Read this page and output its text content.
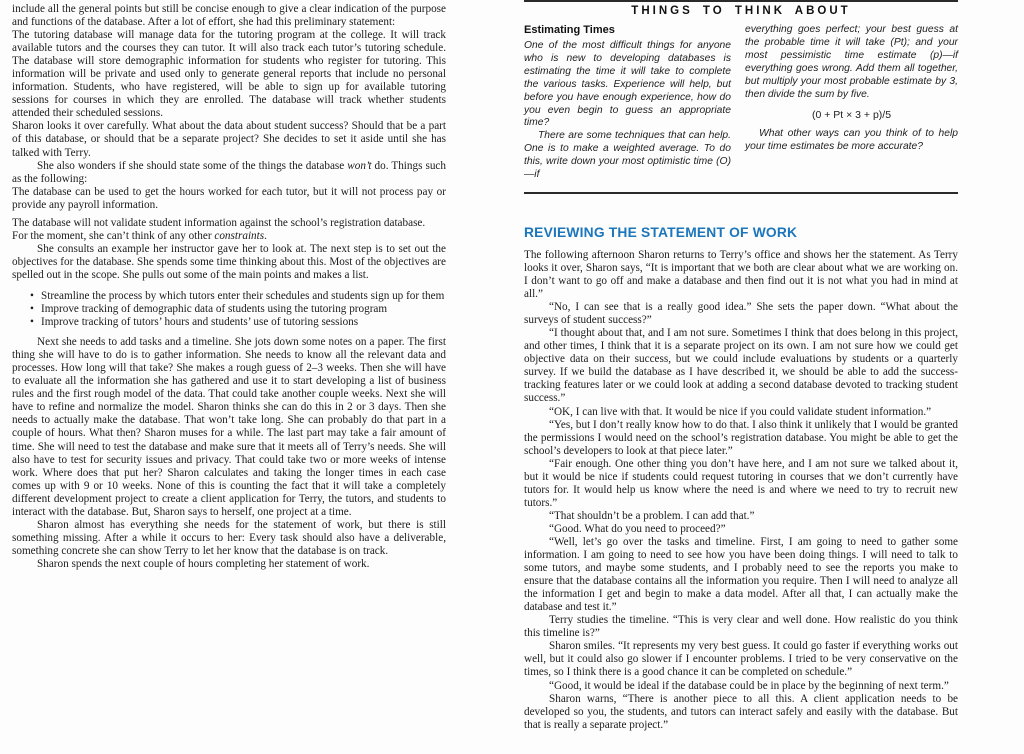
include all the general points but still be concise enough to give a clear indication of the purpose and functions of the database. After a lot of effort, she had this preliminary statement:

The tutoring database will manage data for the tutoring program at the college. It will track available tutors and the courses they can tutor. It will also track each tutor’s tutoring schedule. The database will store demographic information for students who register for tutoring. This information will be private and used only to generate general reports that include no personal information. Students, who have registered, will be able to sign up for available tutoring sessions for courses in which they are enrolled. The database will track whether students attended their scheduled sessions.

Sharon looks it over carefully. What about the data about student success? Should that be a part of this database, or should that be a separate project? She decides to set it aside until she has talked with Terry.

She also wonders if she should state some of the things the database won’t do. Things such as the following:

The database can be used to get the hours worked for each tutor, but it will not process pay or provide any payroll information.

The database will not validate student information against the school’s registration database.

For the moment, she can’t think of any other constraints.

She consults an example her instructor gave her to look at. The next step is to set out the objectives for the database. She spends some time thinking about this. Most of the objectives are spelled out in the scope. She pulls out some of the main points and makes a list.

• Streamline the process by which tutors enter their schedules and students sign up for them
• Improve tracking of demographic data of students using the tutoring program
• Improve tracking of tutors’ hours and students’ use of tutoring sessions

Next she needs to add tasks and a timeline. She jots down some notes on a paper. The first thing she will have to do is to gather information. She needs to know all the relevant data and processes. How long will that take? She makes a rough guess of 2–3 weeks. Then she will have to evaluate all the information she has gathered and use it to start developing a list of business rules and the first rough model of the data. That could take another couple weeks. Next she will have to refine and normalize the model. Sharon thinks she can do this in 2 or 3 days. Then she needs to actually make the database. That won’t take long. She can probably do that part in a couple of hours. What then? Sharon muses for a while. The last part may take a fair amount of time. She will need to test the database and make sure that it meets all of Terry’s needs. She will also have to test for security issues and privacy. That could take two or more weeks of intense work. Where does that put her? Sharon calculates and taking the longer times in each case comes up with 9 or 10 weeks. None of this is counting the fact that it will take a completely different development project to create a client application for Terry, the tutors, and students to interact with the database. But, Sharon says to herself, one project at a time.

Sharon almost has everything she needs for the statement of work, but there is still something missing. After a while it occurs to her: Every task should also have a deliverable, something concrete she can show Terry to let her know that the database is on track.

Sharon spends the next couple of hours completing her statement of work.

THINGS TO THINK ABOUT
Estimating Times

One of the most difficult things for anyone who is new to developing databases is estimating the time it will take to complete the various tasks. Experience will help, but before you have enough experience, how do you even begin to guess an appropriate time?

There are some techniques that can help. One is to make a weighted average. To do this, write down your most optimistic time (O)—if

everything goes perfect; your best guess at the probable time it will take (Pt); and your most pessimistic time estimate (p)—if everything goes wrong. Add them all together, but multiply your most probable estimate by 3, then divide the sum by five.

(0 + Pt × 3 + p)/5

What other ways can you think of to help your time estimates be more accurate?

REVIEWING THE STATEMENT OF WORK

The following afternoon Sharon returns to Terry’s office and shows her the statement. As Terry looks it over, Sharon says, “It is important that we both are clear about what we are working on. I don’t want to go off and make a database and then find out it is not what you had in mind at all.”

“No, I can see that is a really good idea.” She sets the paper down. “What about the surveys of student success?”

“I thought about that, and I am not sure. Sometimes I think that does belong in this project, and other times, I think that it is a separate project on its own. I am not sure how we could get objective data on their success, but we could include evaluations by students or a quarterly survey. If we build the database as I have described it, we should be able to add the success-tracking features later or we could look at adding a second database devoted to tracking student success.”

“OK, I can live with that. It would be nice if you could validate student information.”

“Yes, but I don’t really know how to do that. I also think it unlikely that I would be granted the permissions I would need on the school’s registration database. You might be able to get the school’s developers to look at that piece later.”

“Fair enough. One other thing you don’t have here, and I am not sure we talked about it, but it would be nice if students could request tutoring in courses that we don’t currently have tutors for. It would help us know where the need is and where we need to try to recruit new tutors.”

“That shouldn’t be a problem. I can add that.”

“Good. What do you need to proceed?”

“Well, let’s go over the tasks and timeline. First, I am going to need to gather some information. I am going to need to see how you have been doing things. I will need to talk to some tutors, and maybe some students, and I probably need to see the reports you make to ensure that the database contains all the information you require. Then I will need to analyze all the information I get and begin to make a data model. After all that, I can actually make the database and test it.”

Terry studies the timeline. “This is very clear and well done. How realistic do you think this timeline is?”

Sharon smiles. “It represents my very best guess. It could go faster if everything works out well, but it could also go slower if I encounter problems. I tried to be very conservative on the times, so I think there is a good chance it can be completed on schedule.”

“Good, it would be ideal if the database could be in place by the beginning of next term.”

Sharon warns, “There is another piece to all this. A client application needs to be developed so you, the students, and tutors can interact safely and easily with the database. But that is really a separate project.”
